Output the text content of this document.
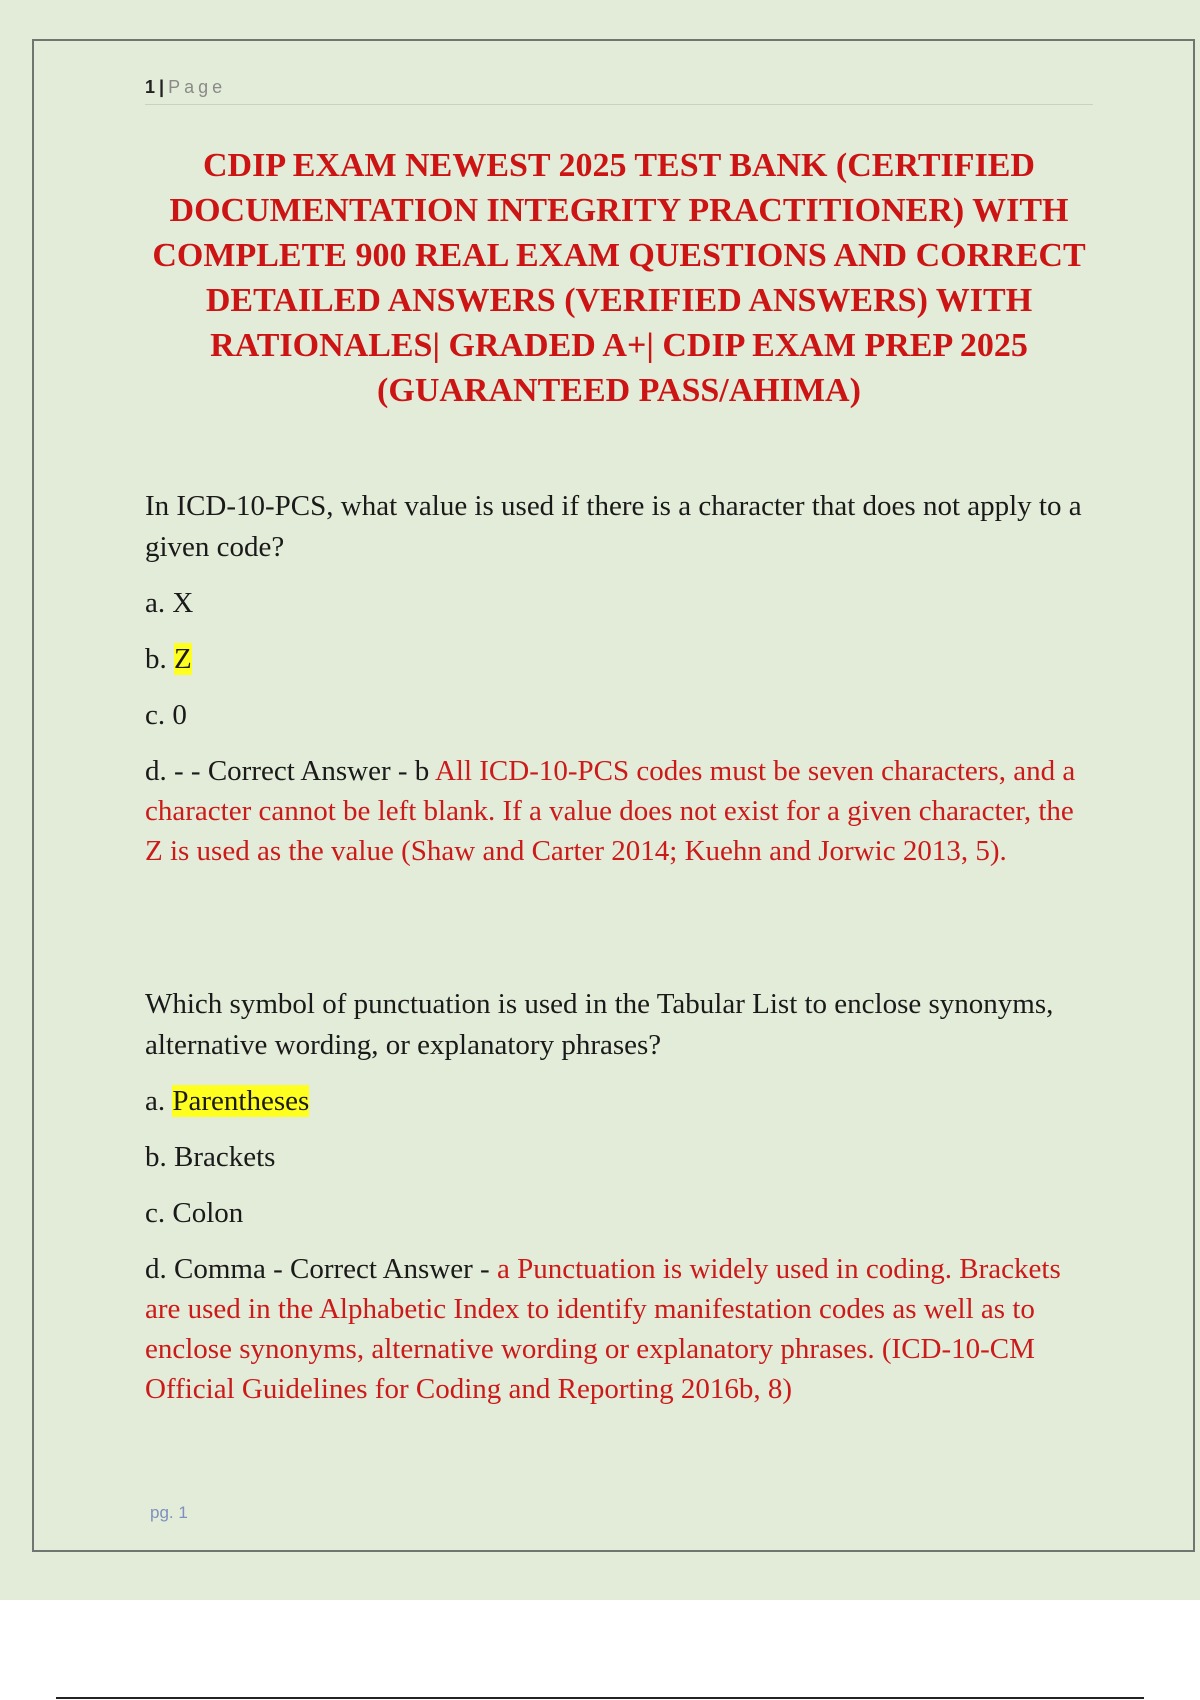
1 | Page
CDIP EXAM NEWEST 2025 TEST BANK (CERTIFIED DOCUMENTATION INTEGRITY PRACTITIONER) WITH COMPLETE 900 REAL EXAM QUESTIONS AND CORRECT DETAILED ANSWERS (VERIFIED ANSWERS) WITH RATIONALES| GRADED A+| CDIP EXAM PREP 2025 (GUARANTEED PASS/AHIMA)

In ICD-10-PCS, what value is used if there is a character that does not apply to a given code?

a. X

b. Z

c. 0

d. - - Correct Answer - b All ICD-10-PCS codes must be seven characters, and a character cannot be left blank. If a value does not exist for a given character, the Z is used as the value (Shaw and Carter 2014; Kuehn and Jorwic 2013, 5).

Which symbol of punctuation is used in the Tabular List to enclose synonyms, alternative wording, or explanatory phrases?

a. Parentheses

b. Brackets

c. Colon

d. Comma - Correct Answer - a Punctuation is widely used in coding. Brackets are used in the Alphabetic Index to identify manifestation codes as well as to enclose synonyms, alternative wording or explanatory phrases. (ICD-10-CM Official Guidelines for Coding and Reporting 2016b, 8)

pg. 1
